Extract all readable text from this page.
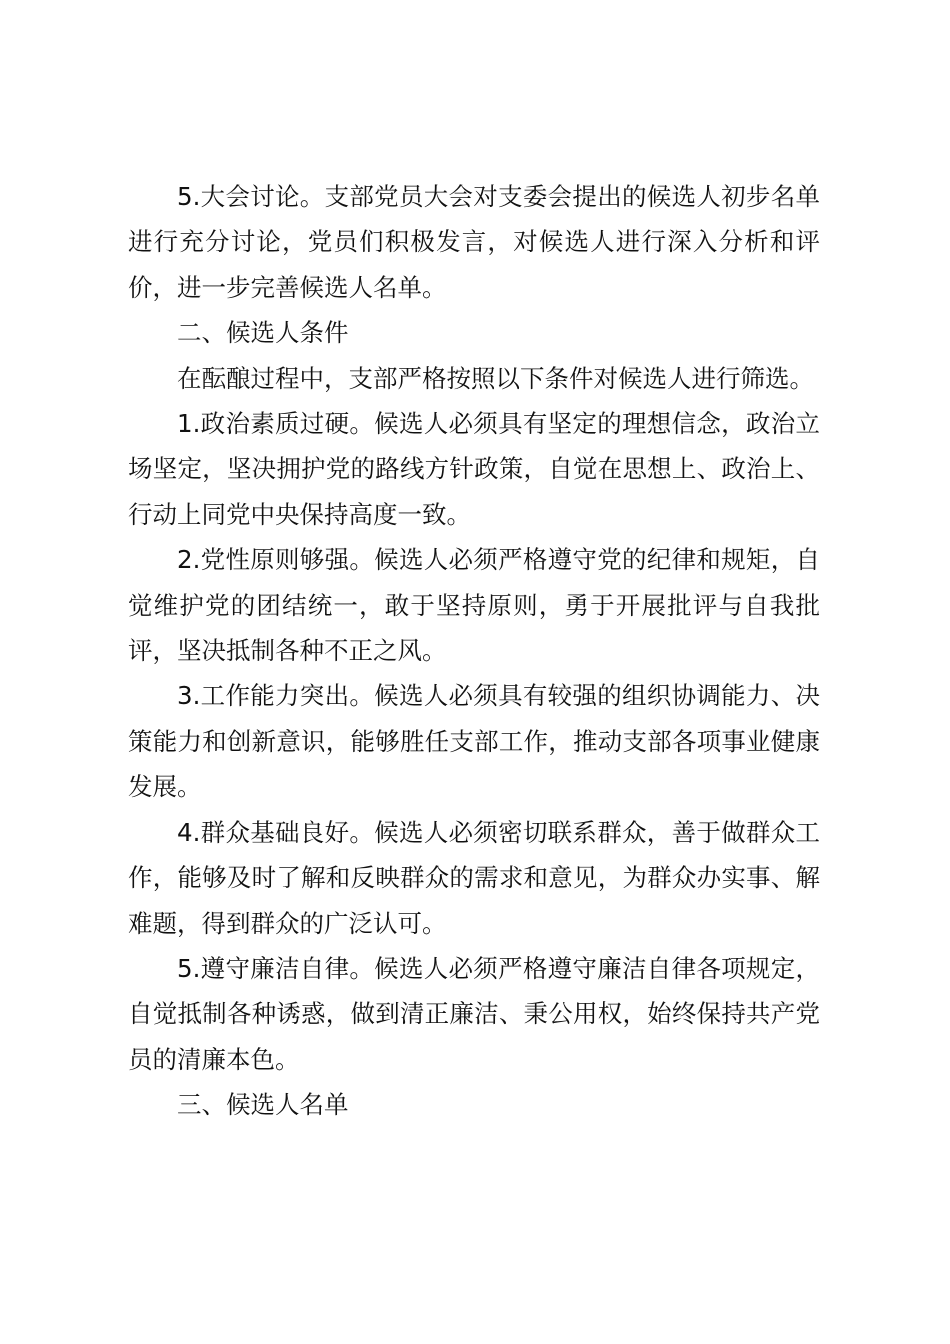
5.大会讨论。支部党员大会对支委会提出的候选人初步名单进行充分讨论，党员们积极发言，对候选人进行深入分析和评价，进一步完善候选人名单。

二、候选人条件

在酝酿过程中，支部严格按照以下条件对候选人进行筛选。

1.政治素质过硬。候选人必须具有坚定的理想信念，政治立场坚定，坚决拥护党的路线方针政策，自觉在思想上、政治上、行动上同党中央保持高度一致。

2.党性原则够强。候选人必须严格遵守党的纪律和规矩，自觉维护党的团结统一，敢于坚持原则，勇于开展批评与自我批评，坚决抵制各种不正之风。

3.工作能力突出。候选人必须具有较强的组织协调能力、决策能力和创新意识，能够胜任支部工作，推动支部各项事业健康发展。

4.群众基础良好。候选人必须密切联系群众，善于做群众工作，能够及时了解和反映群众的需求和意见，为群众办实事、解难题，得到群众的广泛认可。

5.遵守廉洁自律。候选人必须严格遵守廉洁自律各项规定，自觉抵制各种诱惑，做到清正廉洁、秉公用权，始终保持共产党员的清廉本色。

三、候选人名单
